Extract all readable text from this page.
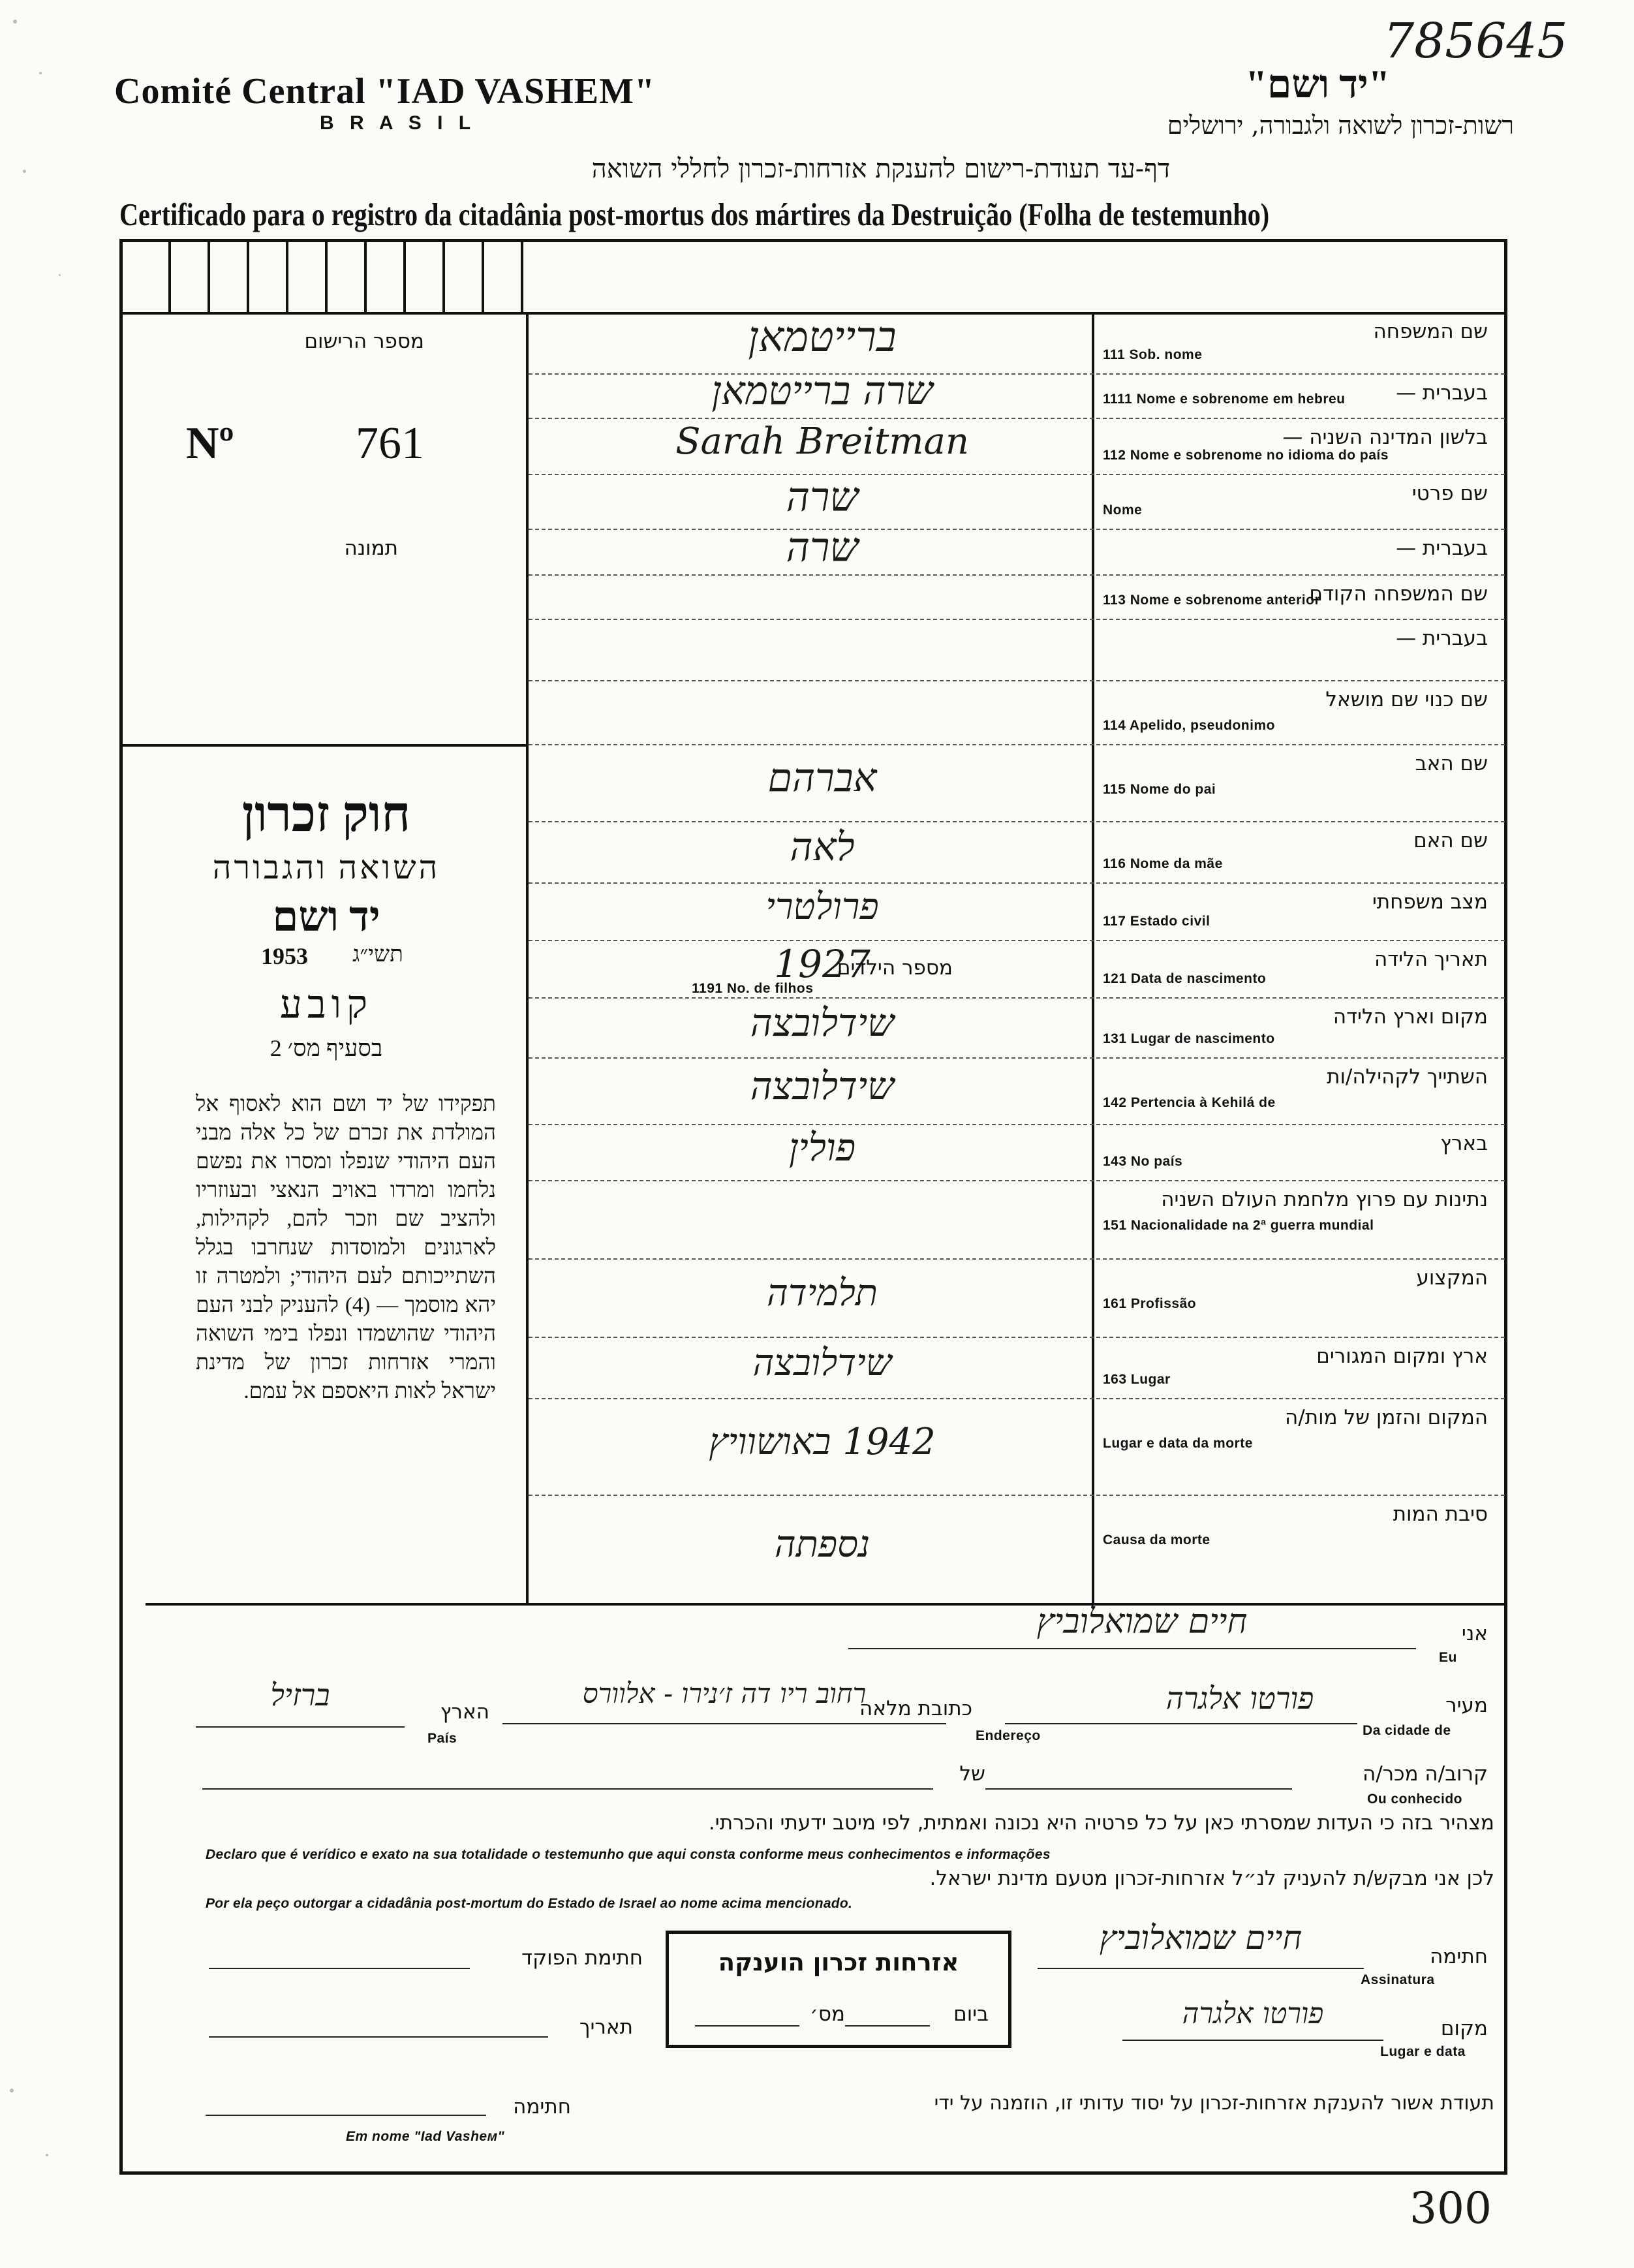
785645
Comité Central "IAD VASHEM"
B R A S I L
"יד ושם"
רשות-זכרון לשואה ולגבורה, ירושלים
דף-עד תעודת-רישום להענקת אזרחות-זכרון לחללי השואה
Certificado para o registro da citadânia post-mortus dos mártires da Destruição (Folha de testemunho)
מספר הרישום
Nº	761
תמונה
חוק זכרון
השואה והגבורה
יד ושם
1953 תשי״ג
קובע
בסעיף מס׳ 2
תפקידו של יד ושם הוא לאסוף אל המולדת את זכרם של כל אלה מבני העם היהודי שנפלו ומסרו את נפשם נלחמו ומרדו באויב הנאצי ובעוזריו ולהציב שם וזכר להם, לקהילות, לארגונים ולמוסדות שנחרבו בגלל השתייכותם לעם היהודי; ולמטרה זו יהא מוסמך — (4) להעניק לבני העם היהודי שהושמדו ונפלו בימי השואה והמרי אזרחות זכרון של מדינת ישראל לאות היאספם אל עמם.
שם המשפחה
111 Sob. nome
ברייטמאן
בעברית —
1111 Nome e sobrenome em hebreu
שרה ברייטמאן
בלשון המדינה השניה —
112 Nome e sobrenome no idioma do país
Sarah Breitman
שם פרטי
Nome
שרה
בעברית —
שרה
שם המשפחה הקודם
113 Nome e sobrenome anterior
בעברית —
שם כנוי שם מושאל
114 Apelido, pseudonimo
שם האב
115 Nome do pai
אברהם
שם האם
116 Nome da mãe
לאה
מצב משפחתי
117 Estado civil
פרולטרי
תאריך הלידה
121 Data de nascimento
1927
מקום וארץ הלידה
131 Lugar de nascimento
שידלובצה
השתייך לקהילה/ות
142 Pertencia à Kehilá de
שידלובצה
בארץ
143 No país
פולין
נתינות עם פרוץ מלחמת העולם השניה
151 Nacionalidade na 2ª guerra mundial
המקצוע
161 Profissão
תלמידה
ארץ ומקום המגורים
163 Lugar
שידלובצה
המקום והזמן של מות/ה
Lugar e data da morte
1942 באושוויץ
סיבת המות
Causa da morte
נספתה
מספר הילדים
1191 No. de filhos
אני
Eu
חיים שמואלוביץ
מעיר
Da cidade de
פורטו אלגרה
כתובת מלאה
Endereço
רחוב ריו דה ז׳נירו - אלוורס
הארץ
País
ברזיל
קרוב/ה מכר/ה
Ou conhecido
של
מצהיר בזה כי העדות שמסרתי כאן על כל פרטיה היא נכונה ואמתית, לפי מיטב ידעתי והכרתי.
Declaro que é verídico e exato na sua totalidade o testemunho que aqui consta conforme meus conhecimentos e informações
לכן אני מבקש/ת להעניק לנ״ל אזרחות-זכרון מטעם מדינת ישראל.
Por ela peço outorgar a cidadânia post-mortum do Estado de Israel ao nome acima mencionado.
חתימה
Assinatura
חיים שמואלוביץ
מקום
Lugar e data
פורטו אלגרה
אזרחות זכרון הוענקה
ביום
מס׳
חתימת הפוקד
תאריך
חתימה
Em nome "Iad Vasheм"
תעודת אשור להענקת אזרחות-זכרון על יסוד עדותי זו, הוזמנה על ידי
300
